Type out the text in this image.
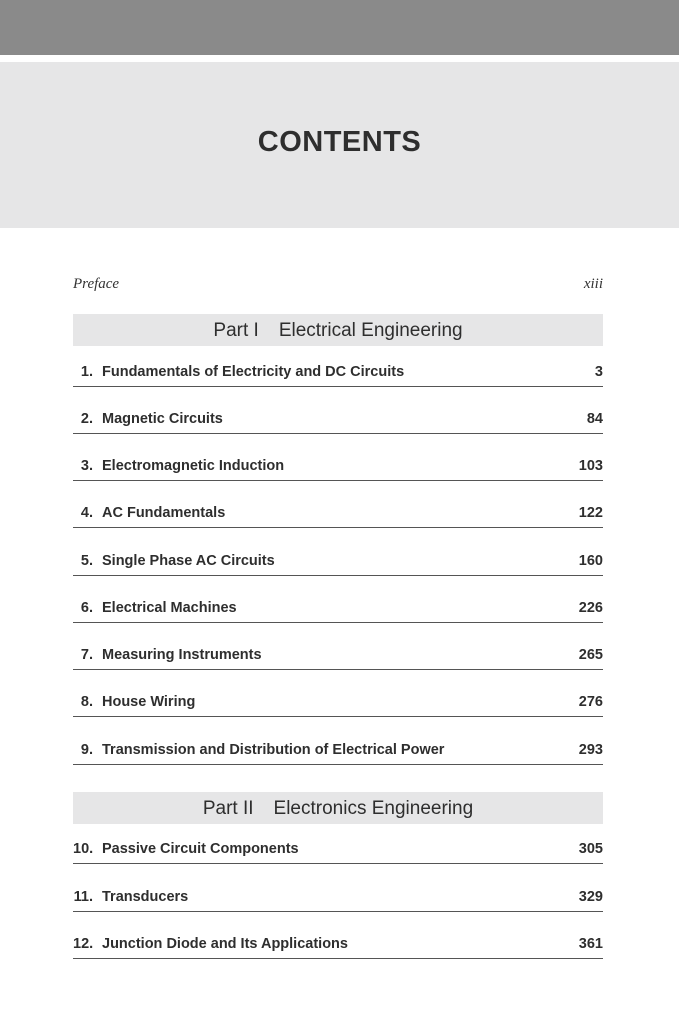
CONTENTS
Preface	xiii
Part I Electrical Engineering
1. Fundamentals of Electricity and DC Circuits	3
2. Magnetic Circuits	84
3. Electromagnetic Induction	103
4. AC Fundamentals	122
5. Single Phase AC Circuits	160
6. Electrical Machines	226
7. Measuring Instruments	265
8. House Wiring	276
9. Transmission and Distribution of Electrical Power	293
Part II Electronics Engineering
10. Passive Circuit Components	305
11. Transducers	329
12. Junction Diode and Its Applications	361
